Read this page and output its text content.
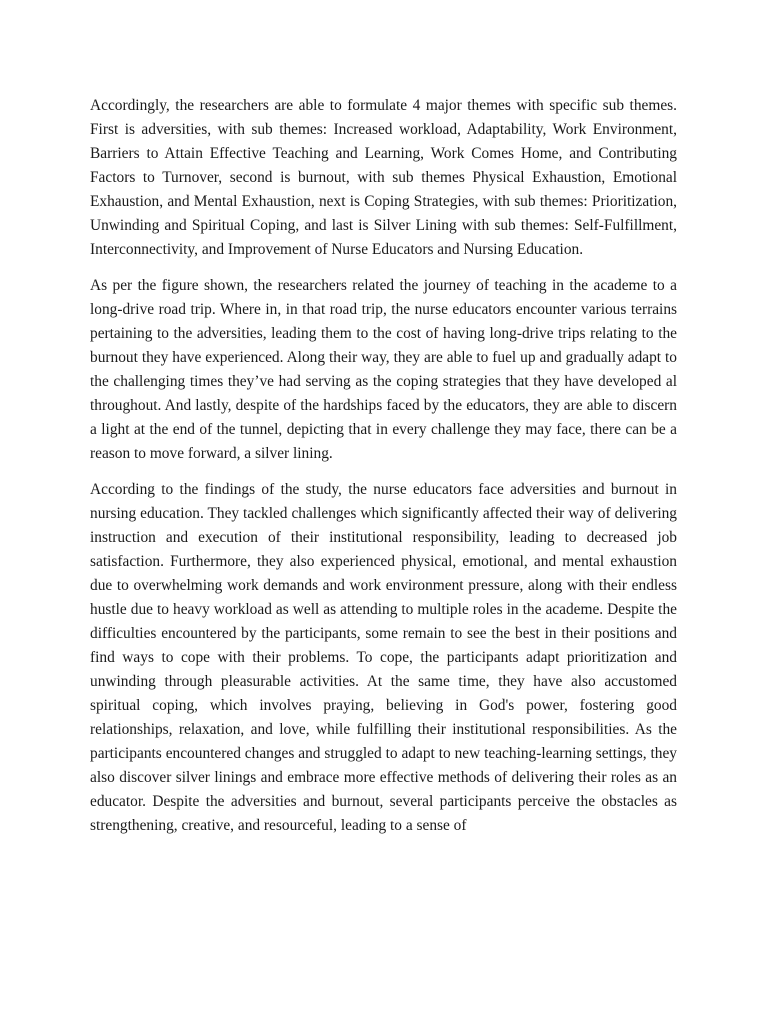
Accordingly, the researchers are able to formulate 4 major themes with specific sub themes. First is adversities, with sub themes: Increased workload, Adaptability, Work Environment, Barriers to Attain Effective Teaching and Learning, Work Comes Home, and Contributing Factors to Turnover, second is burnout, with sub themes Physical Exhaustion, Emotional Exhaustion, and Mental Exhaustion, next is Coping Strategies, with sub themes: Prioritization, Unwinding and Spiritual Coping, and last is Silver Lining with sub themes: Self-Fulfillment, Interconnectivity, and Improvement of Nurse Educators and Nursing Education.

As per the figure shown, the researchers related the journey of teaching in the academe to a long-drive road trip. Where in, in that road trip, the nurse educators encounter various terrains pertaining to the adversities, leading them to the cost of having long-drive trips relating to the burnout they have experienced. Along their way, they are able to fuel up and gradually adapt to the challenging times they’ve had serving as the coping strategies that they have developed al throughout. And lastly, despite of the hardships faced by the educators, they are able to discern a light at the end of the tunnel, depicting that in every challenge they may face, there can be a reason to move forward, a silver lining.

According to the findings of the study, the nurse educators face adversities and burnout in nursing education. They tackled challenges which significantly affected their way of delivering instruction and execution of their institutional responsibility, leading to decreased job satisfaction. Furthermore, they also experienced physical, emotional, and mental exhaustion due to overwhelming work demands and work environment pressure, along with their endless hustle due to heavy workload as well as attending to multiple roles in the academe. Despite the difficulties encountered by the participants, some remain to see the best in their positions and find ways to cope with their problems. To cope, the participants adapt prioritization and unwinding through pleasurable activities. At the same time, they have also accustomed spiritual coping, which involves praying, believing in God's power, fostering good relationships, relaxation, and love, while fulfilling their institutional responsibilities. As the participants encountered changes and struggled to adapt to new teaching-learning settings, they also discover silver linings and embrace more effective methods of delivering their roles as an educator. Despite the adversities and burnout, several participants perceive the obstacles as strengthening, creative, and resourceful, leading to a sense of
